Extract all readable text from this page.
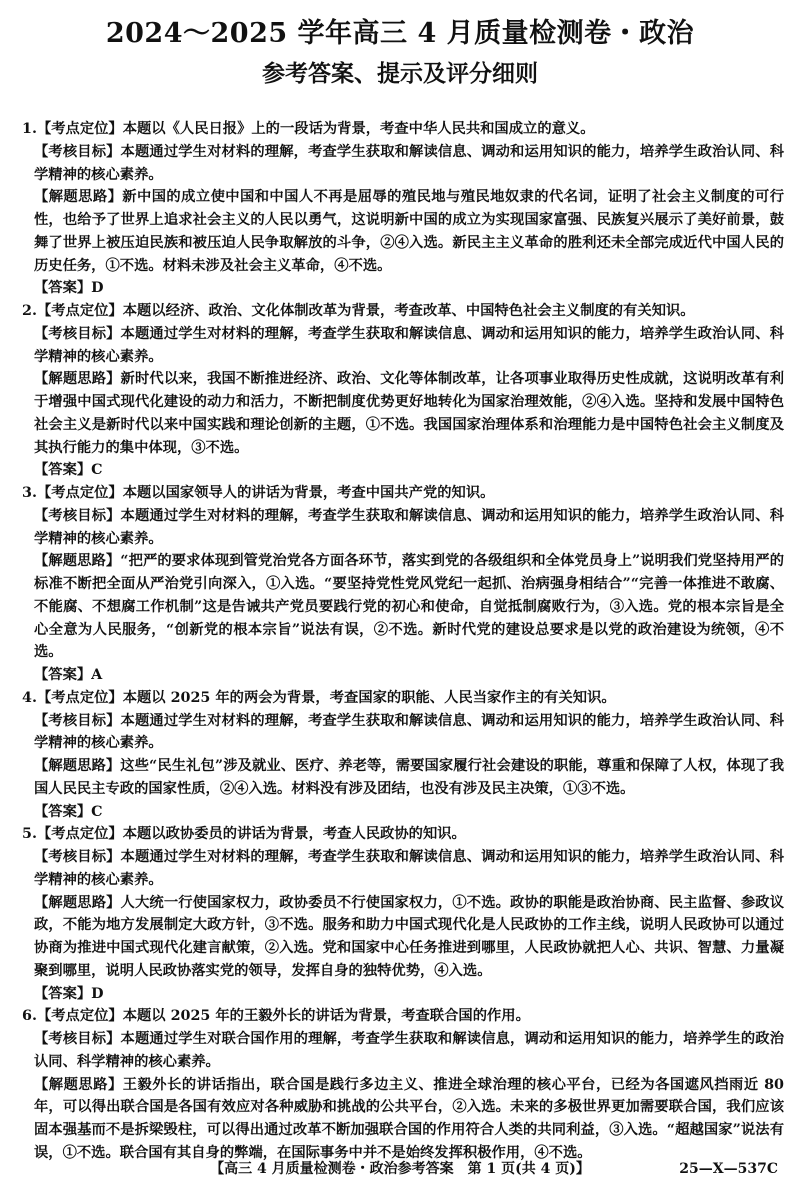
2024～2025 学年高三 4 月质量检测卷・政治
参考答案、提示及评分细则

1.【考点定位】本题以《人民日报》上的一段话为背景，考查中华人民共和国成立的意义。

【考核目标】本题通过学生对材料的理解，考查学生获取和解读信息、调动和运用知识的能力，培养学生政治认同、科学精神的核心素养。

【解题思路】新中国的成立使中国和中国人不再是屈辱的殖民地与殖民地奴隶的代名词，证明了社会主义制度的可行性，也给予了世界上追求社会主义的人民以勇气，这说明新中国的成立为实现国家富强、民族复兴展示了美好前景，鼓舞了世界上被压迫民族和被压迫人民争取解放的斗争，②④入选。新民主主义革命的胜利还未全部完成近代中国人民的历史任务，①不选。材料未涉及社会主义革命，④不选。

【答案】D

2.【考点定位】本题以经济、政治、文化体制改革为背景，考查改革、中国特色社会主义制度的有关知识。

【考核目标】本题通过学生对材料的理解，考查学生获取和解读信息、调动和运用知识的能力，培养学生政治认同、科学精神的核心素养。

【解题思路】新时代以来，我国不断推进经济、政治、文化等体制改革，让各项事业取得历史性成就，这说明改革有利于增强中国式现代化建设的动力和活力，不断把制度优势更好地转化为国家治理效能，②④入选。坚持和发展中国特色社会主义是新时代以来中国实践和理论创新的主题，①不选。我国国家治理体系和治理能力是中国特色社会主义制度及其执行能力的集中体现，③不选。

【答案】C

3.【考点定位】本题以国家领导人的讲话为背景，考查中国共产党的知识。

【考核目标】本题通过学生对材料的理解，考查学生获取和解读信息、调动和运用知识的能力，培养学生政治认同、科学精神的核心素养。

【解题思路】“把严的要求体现到管党治党各方面各环节，落实到党的各级组织和全体党员身上”说明我们党坚持用严的标准不断把全面从严治党引向深入，①入选。“要坚持党性党风党纪一起抓、治病强身相结合”“完善一体推进不敢腐、不能腐、不想腐工作机制”这是告诫共产党员要践行党的初心和使命，自觉抵制腐败行为，③入选。党的根本宗旨是全心全意为人民服务，“创新党的根本宗旨”说法有误，②不选。新时代党的建设总要求是以党的政治建设为统领，④不选。

【答案】A

4.【考点定位】本题以 2025 年的两会为背景，考查国家的职能、人民当家作主的有关知识。

【考核目标】本题通过学生对材料的理解，考查学生获取和解读信息、调动和运用知识的能力，培养学生政治认同、科学精神的核心素养。

【解题思路】这些“民生礼包”涉及就业、医疗、养老等，需要国家履行社会建设的职能，尊重和保障了人权，体现了我国人民民主专政的国家性质，②④入选。材料没有涉及团结，也没有涉及民主决策，①③不选。

【答案】C

5.【考点定位】本题以政协委员的讲话为背景，考查人民政协的知识。

【考核目标】本题通过学生对材料的理解，考查学生获取和解读信息、调动和运用知识的能力，培养学生政治认同、科学精神的核心素养。

【解题思路】人大统一行使国家权力，政协委员不行使国家权力，①不选。政协的职能是政治协商、民主监督、参政议政，不能为地方发展制定大政方针，③不选。服务和助力中国式现代化是人民政协的工作主线，说明人民政协可以通过协商为推进中国式现代化建言献策，②入选。党和国家中心任务推进到哪里，人民政协就把人心、共识、智慧、力量凝聚到哪里，说明人民政协落实党的领导，发挥自身的独特优势，④入选。

【答案】D

6.【考点定位】本题以 2025 年的王毅外长的讲话为背景，考查联合国的作用。

【考核目标】本题通过学生对联合国作用的理解，考查学生获取和解读信息，调动和运用知识的能力，培养学生的政治认同、科学精神的核心素养。

【解题思路】王毅外长的讲话指出，联合国是践行多边主义、推进全球治理的核心平台，已经为各国遮风挡雨近 80 年，可以得出联合国是各国有效应对各种威胁和挑战的公共平台，②入选。未来的多极世界更加需要联合国，我们应该固本强基而不是拆梁毁柱，可以得出通过改革不断加强联合国的作用符合人类的共同利益，③入选。“超越国家”说法有误，①不选。联合国有其自身的弊端，在国际事务中并不是始终发挥积极作用，④不选。

【高三 4 月质量检测卷・政治参考答案　第 1 页(共 4 页)】	25—X—537C
